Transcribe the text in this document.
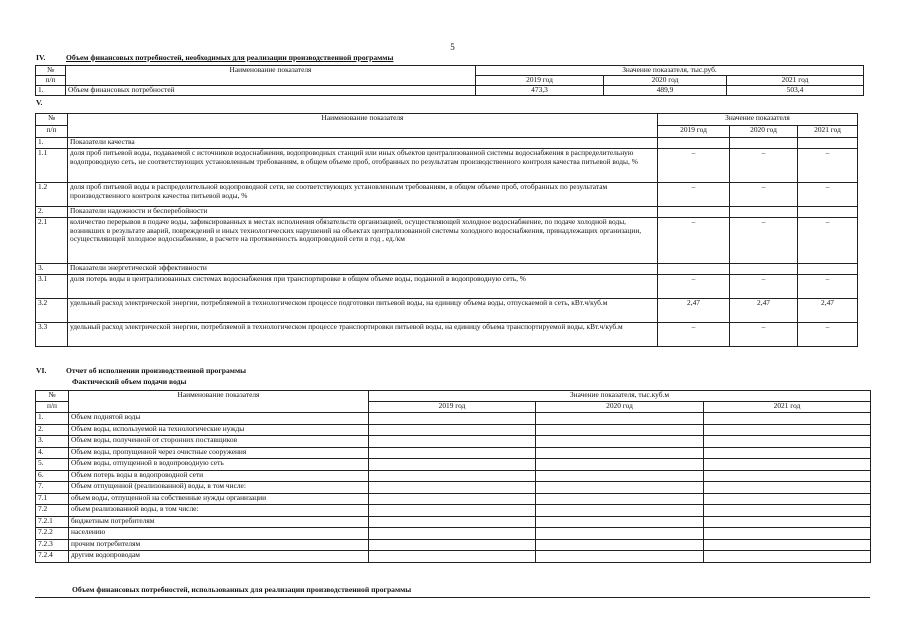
5
IV.	Объем финансовых потребностей, необходимых для реализации производственной программы
№	Наименование показателя	Значение показателя, тыс.руб.		
п/п		2019 год	2020 год	2021 год
1.	Объем финансовых потребностей	473,3	489,9	503,4
V.
№	Наименование показателя	Значение показателя		
п/п		2019 год	2020 год	2021 год
1.	Показатели качества			
1.1	доля проб питьевой воды, подаваемой с источников водоснабжения, водопроводных станций или иных объектов централизованной системы водоснабжения в распределительную водопроводную сеть, не соответствующих установленным требованиям, в общем объеме проб, отобранных по результатам производственного контроля качества питьевой воды, %	–	–	–
1.2	доля проб питьевой воды в распределительной водопроводной сети, не соответствующих установленным требованиям, в общем объеме проб, отобранных по результатам производственного контроля качества питьевой воды, %	–	–	–
2.	Показатели надежности и бесперебойности			
2.1	количество перерывов в подаче воды, зафиксированных в местах исполнения обязательств организацией, осуществляющей холодное водоснабжение, по подаче холодной воды, возникших в результате аварий, повреждений и иных технологических нарушений на объектах централизованной системы холодного водоснабжения, принадлежащих организации, осуществляющей холодное водоснабжение, в расчете на протяженность водопроводной сети в год , ед./км	–	–	–
3.	Показатели энергетической эффективности			
3.1	доля потерь воды в централизованных системах водоснабжения при транспортировке в общем объеме воды, поданной в водопроводную сеть, %	–	–	–
3.2	удельный расход электрической энергии, потребляемой в технологическом процессе подготовки питьевой воды, на единицу объема воды, отпускаемой в сеть, кВт.ч/куб.м	2,47	2,47	2,47
3.3	удельный расход электрической энергии, потребляемой в технологическом процессе транспортировки питьевой воды, на единицу объема транспортируемой воды, кВт.ч/куб.м	–	–	–
VI.	Отчет об исполнении производственной программы
Фактический объем подачи воды
№	Наименование показателя	Значение показателя, тыс.куб.м		
п/п		2019 год	2020 год	2021 год
1.	Объем поднятой воды			
2.	Объем воды, используемой на технологические нужды			
3.	Объем воды, полученной от сторонних поставщиков			
4.	Объем воды, пропущенной через очистные сооружения			
5.	Объем воды, отпущенной в водопроводную сеть			
6.	Объем потерь воды в водопроводной сети			
7.	Объем отпущенной (реализованной) воды, в том числе:			
7.1	объем воды, отпущенной на собственные нужды организации			
7.2	объем реализованной воды, в том числе:			
7.2.1	бюджетным потребителям			
7.2.2	населению			
7.2.3	прочим потребителям			
7.2.4	другим водопроводам			
Объем финансовых потребностей, использованных для реализации производственной программы
